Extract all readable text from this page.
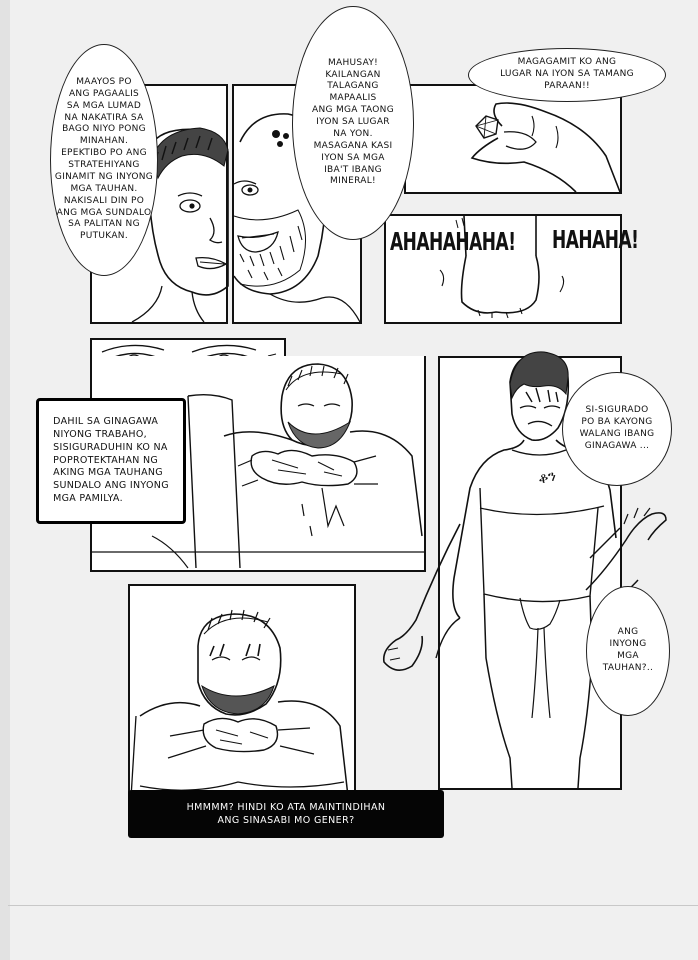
AHAHAHAHA! HAHAHA!
ቆን
MAAYOS PO
ANG PAGAALIS
SA MGA LUMAD
NA NAKATIRA SA
BAGO NIYO PONG
MINAHAN.
EPEKTIBO PO ANG
STRATEHIYANG
GINAMIT NG INYONG
MGA TAUHAN.
NAKISALI DIN PO
ANG MGA SUNDALO
SA PALITAN NG
PUTUKAN.
MAHUSAY!
KAILANGAN
TALAGANG
MAPAALIS
ANG MGA TAONG
IYON SA LUGAR
NA YON.
MASAGANA KASI
IYON SA MGA
IBA'T IBANG
MINERAL!
MAGAGAMIT KO ANG
LUGAR NA IYON SA TAMANG
PARAAN!!
SI-SIGURADO
PO BA KAYONG
WALANG IBANG
GINAGAWA ...
ANG
INYONG
MGA
TAUHAN?..
DAHIL SA GINAGAWA
NIYONG TRABAHO,
SISIGURADUHIN KO NA
POPROTEKTAHAN NG
AKING MGA TAUHANG
SUNDALO ANG INYONG
MGA PAMILYA.
HMMMM? HINDI KO ATA MAINTINDIHAN
ANG SINASABI MO GENER?
